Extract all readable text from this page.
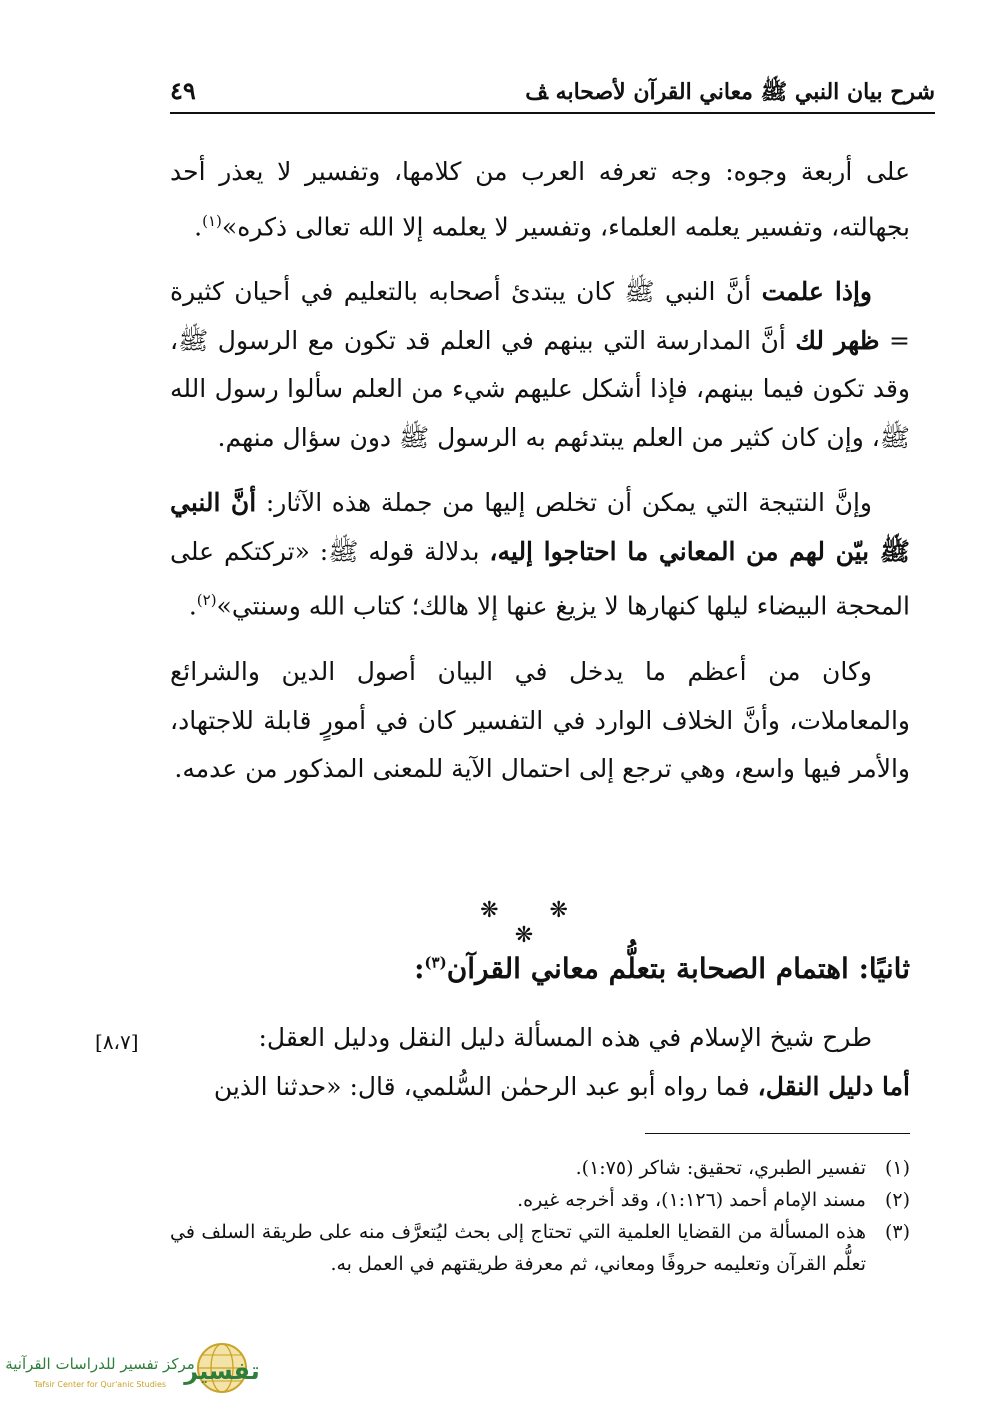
شرح بيان النبي ﷺ معاني القرآن لأصحابه ﭫ
٤٩

على أربعة وجوه: وجه تعرفه العرب من كلامها، وتفسير لا يعذر أحد بجهالته، وتفسير يعلمه العلماء، وتفسير لا يعلمه إلا الله تعالى ذكره»$^{(١)}$.

وإذا علمت أنَّ النبي ﷺ كان يبتدئ أصحابه بالتعليم في أحيان كثيرة = ظهر لك أنَّ المدارسة التي بينهم في العلم قد تكون مع الرسول ﷺ، وقد تكون فيما بينهم، فإذا أشكل عليهم شيء من العلم سألوا رسول الله ﷺ، وإن كان كثير من العلم يبتدئهم به الرسول ﷺ دون سؤال منهم.

وإنَّ النتيجة التي يمكن أن تخلص إليها من جملة هذه الآثار: أنَّ النبي ﷺ بيّن لهم من المعاني ما احتاجوا إليه، بدلالة قوله ﷺ: «تركتكم على المحجة البيضاء ليلها كنهارها لا يزيغ عنها إلا هالك؛ كتاب الله وسنتي»$^{(٢)}$.

وكان من أعظم ما يدخل في البيان أصول الدين والشرائع والمعاملات، وأنَّ الخلاف الوارد في التفسير كان في أمورٍ قابلة للاجتهاد، والأمر فيها واسع، وهي ترجع إلى احتمال الآية للمعنى المذكور من عدمه.

❋ ❋ ❋
ثانيًا: اهتمام الصحابة بتعلُّم معاني القرآن$^{(٣)}$:
[٨،٧]	طرح شيخ الإسلام في هذه المسألة دليل النقل ودليل العقل:

أما دليل النقل، فما رواه أبو عبد الرحمٰن السُّلمي، قال: «حدثنا الذين

(١)
تفسير الطبري، تحقيق: شاكر (١:٧٥).
(٢)
مسند الإمام أحمد (١:١٢٦)، وقد أخرجه غيره.
(٣)
هذه المسألة من القضايا العلمية التي تحتاج إلى بحث ليُتعرَّف منه على طريقة السلف في تعلُّم القرآن وتعليمه حروفًا ومعاني، ثم معرفة طريقتهم في العمل به.
تفسير
مركز تفسير للدراسات القرآنية
Tafsir Center for Qur'anic Studies
